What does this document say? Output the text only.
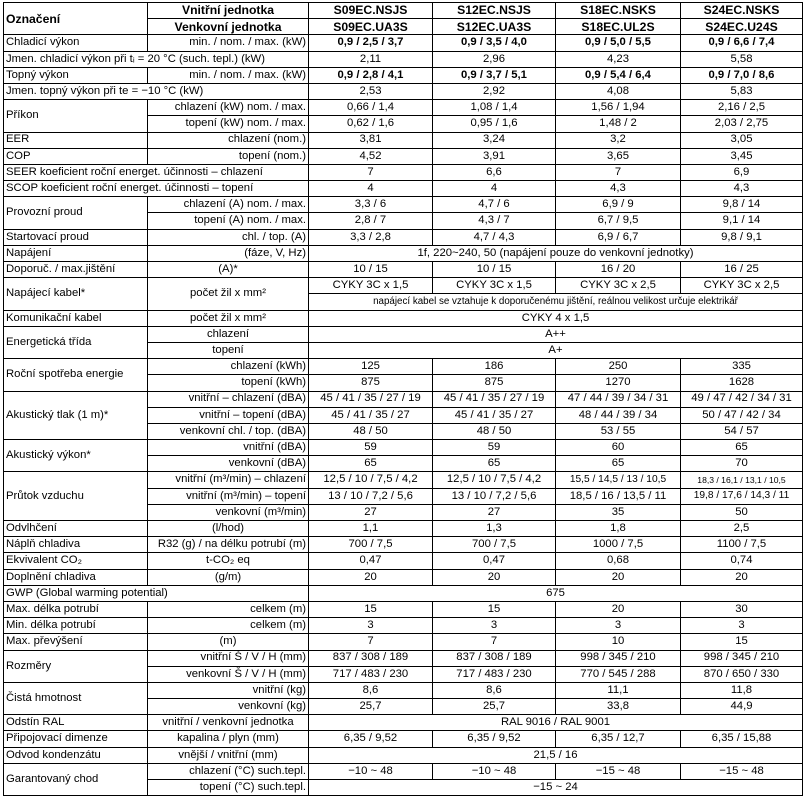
Označení	Vnitřní jednotka	S09EC.NSJS	S12EC.NSJS	S18EC.NSKS	S24EC.NSKS
	Venkovní jednotka	S09EC.UA3S	S12EC.UA3S	S18EC.UL2S	S24EC.U24S
Chladicí výkon	min. / nom. / max. (kW)	0,9 / 2,5 / 3,7	0,9 / 3,5 / 4,0	0,9 / 5,0 / 5,5	0,9 / 6,6 / 7,4
Jmen. chladicí výkon při tᵢ = 20 °C (such. tepl.) (kW)		2,11	2,96	4,23	5,58
Topný výkon	min. / nom. / max. (kW)	0,9 / 2,8 / 4,1	0,9 / 3,7 / 5,1	0,9 / 5,4 / 6,4	0,9 / 7,0 / 8,6
Jmen. topný výkon při te = −10 °C (kW)		2,53	2,92	4,08	5,83
Příkon	chlazení (kW) nom. / max.	0,66 / 1,4	1,08 / 1,4	1,56 / 1,94	2,16 / 2,5
	topení (kW) nom. / max.	0,62 / 1,6	0,95 / 1,6	1,48 / 2	2,03 / 2,75
EER	chlazení (nom.)	3,81	3,24	3,2	3,05
COP	topení (nom.)	4,52	3,91	3,65	3,45
SEER koeficient roční energet. účinnosti – chlazení		7	6,6	7	6,9
SCOP koeficient roční energet. účinnosti – topení		4	4	4,3	4,3
Provozní proud	chlazení (A) nom. / max.	3,3 / 6	4,7 / 6	6,9 / 9	9,8 / 14
	topení (A) nom. / max.	2,8 / 7	4,3 / 7	6,7 / 9,5	9,1 / 14
Startovací proud	chl. / top. (A)	3,3 / 2,8	4,7 / 4,3	6,9 / 6,7	9,8 / 9,1
Napájení	(fáze, V, Hz)	1f, 220~240, 50 (napájení pouze do venkovní jednotky)			
Doporuč. / max.jištění	(A)*	10 / 15	10 / 15	16 / 20	16 / 25
Napájecí kabel*	počet žil x mm²	CYKY 3C x 1,5	CYKY 3C x 1,5	CYKY 3C x 2,5	CYKY 3C x 2,5
		napájecí kabel se vztahuje k doporučenému jištění, reálnou velikost určuje elektrikář			
Komunikační kabel	počet žil x mm²	CYKY 4 x 1,5			
Energetická třída	chlazení	A++			
	topení	A+			
Roční spotřeba energie	chlazení (kWh)	125	186	250	335
	topení (kWh)	875	875	1270	1628
Akustický tlak (1 m)*	vnitřní – chlazení (dBA)	45 / 41 / 35 / 27 / 19	45 / 41 / 35 / 27 / 19	47 / 44 / 39 / 34 / 31	49 / 47 / 42 / 34 / 31
	vnitřní – topení (dBA)	45 / 41 / 35 / 27	45 / 41 / 35 / 27	48 / 44 / 39 / 34	50 / 47 / 42 / 34
	venkovní chl. / top. (dBA)	48 / 50	48 / 50	53 / 55	54 / 57
Akustický výkon*	vnitřní (dBA)	59	59	60	65
	venkovní (dBA)	65	65	65	70
Průtok vzduchu	vnitřní (m³/min) – chlazení	12,5 / 10 / 7,5 / 4,2	12,5 / 10 / 7,5 / 4,2	15,5 / 14,5 / 13 / 10,5	18,3 / 16,1 / 13,1 / 10,5
	vnitřní (m³/min) – topení	13 / 10 / 7,2 / 5,6	13 / 10 / 7,2 / 5,6	18,5 / 16 / 13,5 / 11	19,8 / 17,6 / 14,3 / 11
	venkovní (m³/min)	27	27	35	50
Odvlhčení	(l/hod)	1,1	1,3	1,8	2,5
Náplň chladiva	R32 (g) / na délku potrubí (m)	700 / 7,5	700 / 7,5	1000 / 7,5	1100 / 7,5
Ekvivalent CO₂	t-CO₂ eq	0,47	0,47	0,68	0,74
Doplnění chladiva	(g/m)	20	20	20	20
GWP (Global warming potential)		675			
Max. délka potrubí	celkem (m)	15	15	20	30
Min. délka potrubí	celkem (m)	3	3	3	3
Max. převýšení	(m)	7	7	10	15
Rozměry	vnitřní Š / V / H (mm)	837 / 308 / 189	837 / 308 / 189	998 / 345 / 210	998 / 345 / 210
	venkovní Š / V / H (mm)	717 / 483 / 230	717 / 483 / 230	770 / 545 / 288	870 / 650 / 330
Čistá hmotnost	vnitřní (kg)	8,6	8,6	11,1	11,8
	venkovní (kg)	25,7	25,7	33,8	44,9
Odstín RAL	vnitřní / venkovní jednotka	RAL 9016 / RAL 9001			
Připojovací dimenze	kapalina / plyn (mm)	6,35 / 9,52	6,35 / 9,52	6,35 / 12,7	6,35 / 15,88
Odvod kondenzátu	vnější / vnitřní (mm)	21,5 / 16			
Garantovaný chod	chlazení (°C) such.tepl.	−10 ~ 48	−10 ~ 48	−15 ~ 48	−15 ~ 48
	topení (°C) such.tepl.	−15 ~ 24			
